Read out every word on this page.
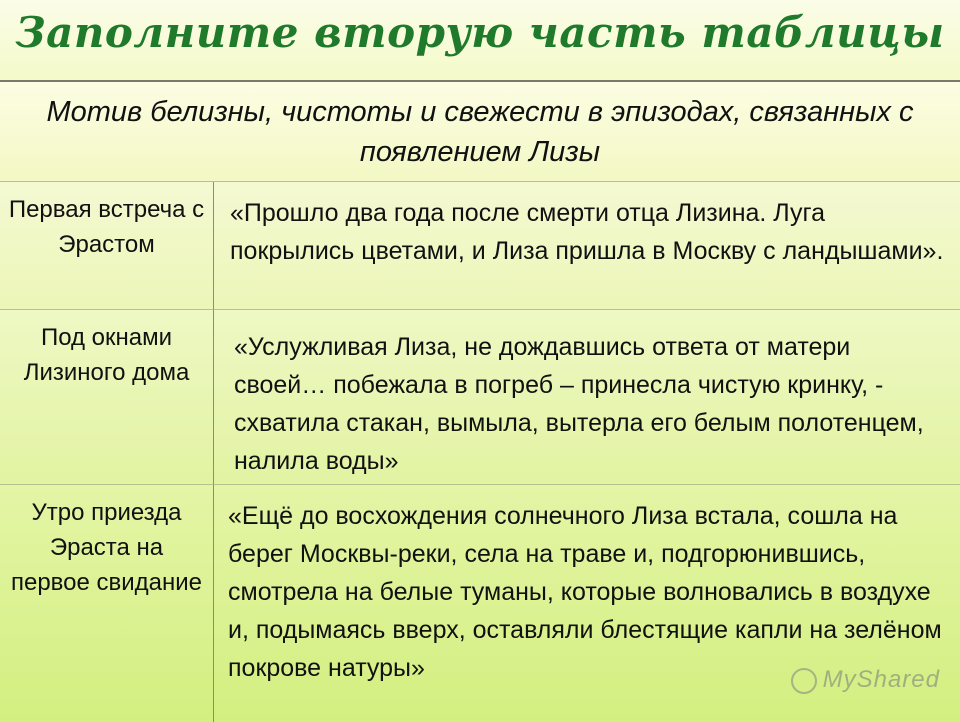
Заполните вторую часть таблицы
Мотив белизны, чистоты и свежести в эпизодах, связанных с появлением Лизы
Первая встреча с Эрастом
«Прошло два года после смерти отца Лизина. Луга покрылись цветами, и Лиза пришла в Москву с ландышами».
Под окнами Лизиного дома
«Услужливая Лиза, не дождавшись ответа от матери своей… побежала в погреб – принесла чистую кринку, - схватила стакан, вымыла, вытерла его белым полотенцем, налила воды»
Утро приезда Эраста на первое свидание
«Ещё до восхождения солнечного Лиза встала, сошла на берег Москвы-реки, села на траве и, подгорюнившись, смотрела на белые туманы, которые волновались в воздухе и, подымаясь вверх, оставляли блестящие капли на зелёном покрове натуры»	MyShared
